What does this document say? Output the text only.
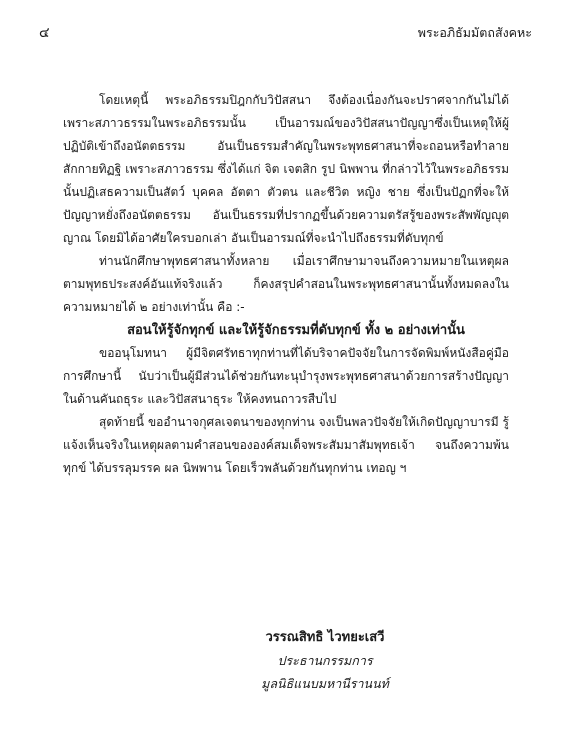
๔	พระอภิธัมมัตถสังคหะ

โดยเหตุนี้ พระอภิธรรมปิฎกกับวิปัสสนา จึงต้องเนื่องกันจะปราศจากกันไม่ได้ เพราะสภาวธรรมในพระอภิธรรมนั้น เป็นอารมณ์ของวิปัสสนาปัญญาซึ่งเป็นเหตุให้ผู้ปฏิบัติเข้าถึงอนัตตธรรม อันเป็นธรรมสำคัญในพระพุทธศาสนาที่จะถอนหรือทำลายสักกายทิฏฐิ เพราะสภาวธรรม ซึ่งได้แก่ จิต เจตสิก รูป นิพพาน ที่กล่าวไว้ในพระอภิธรรมนั้นปฏิเสธความเป็นสัตว์ บุคคล อัตตา ตัวตน และชีวิต หญิง ชาย ซึ่งเป็นปัฏกที่จะให้ปัญญาหยั่งถึงอนัตตธรรม อันเป็นธรรมที่ปรากฏขึ้นด้วยความตรัสรู้ของพระสัพพัญญุตญาณ โดยมิได้อาศัยใครบอกเล่า อันเป็นอารมณ์ที่จะนำไปถึงธรรมที่ดับทุกข์

ท่านนักศึกษาพุทธศาสนาทั้งหลาย เมื่อเราศึกษามาจนถึงความหมายในเหตุผลตามพุทธประสงค์อันแท้จริงแล้ว ก็คงสรุปคำสอนในพระพุทธศาสนานั้นทั้งหมดลงในความหมายได้ ๒ อย่างเท่านั้น คือ :-

สอนให้รู้จักทุกข์ และให้รู้จักธรรมที่ดับทุกข์ ทั้ง ๒ อย่างเท่านั้น

ขออนุโมทนา ผู้มีจิตศรัทธาทุกท่านที่ได้บริจาคปัจจัยในการจัดพิมพ์หนังสือคู่มือการศึกษานี้ นับว่าเป็นผู้มีส่วนได้ช่วยกันทะนุบำรุงพระพุทธศาสนาด้วยการสร้างปัญญาในด้านคันถธุระ และวิปัสสนาธุระ ให้คงทนถาวรสืบไป

สุดท้ายนี้ ขออำนาจกุศลเจตนาของทุกท่าน จงเป็นพลวปัจจัยให้เกิดปัญญาบารมี รู้แจ้งเห็นจริงในเหตุผลตามคำสอนขององค์สมเด็จพระสัมมาสัมพุทธเจ้า จนถึงความพ้นทุกข์ ได้บรรลุมรรค ผล นิพพาน โดยเร็วพลันด้วยกันทุกท่าน เทอญ ฯ

วรรณสิทธิ ไวทยะเสวี
ประธานกรรมการ
มูลนิธิแนบมหานีรานนท์
